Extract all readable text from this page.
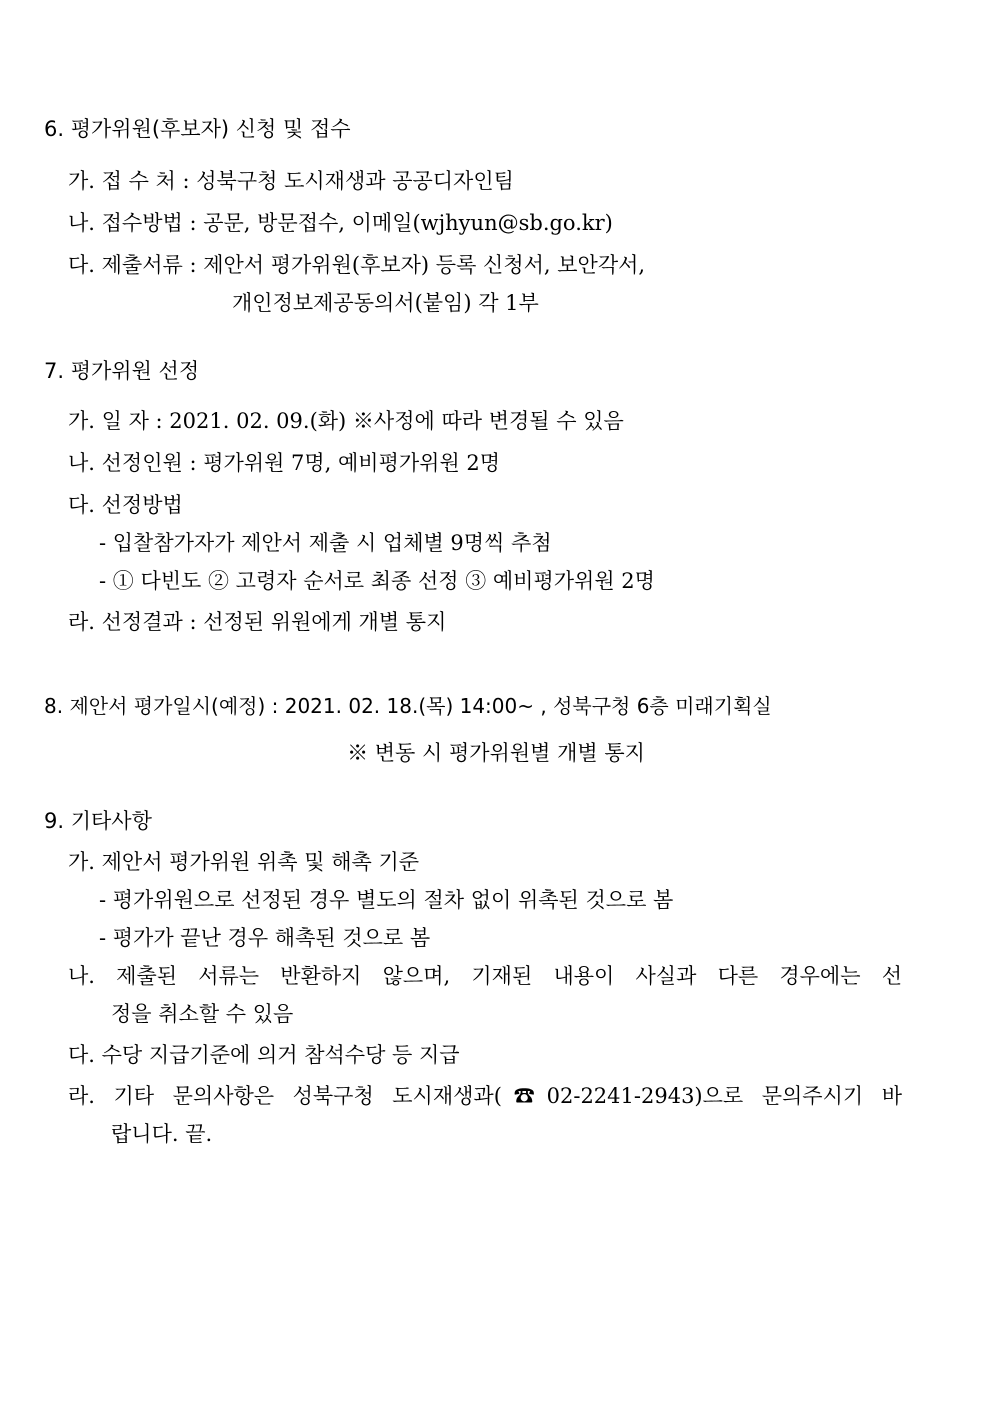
6. 평가위원(후보자) 신청 및 접수
가. 접 수 처 : 성북구청 도시재생과 공공디자인팀
나. 접수방법 : 공문, 방문접수, 이메일(wjhyun@sb.go.kr)
다. 제출서류 : 제안서 평가위원(후보자) 등록 신청서, 보안각서,
개인정보제공동의서(붙임) 각 1부
7. 평가위원 선정
가. 일 자 : 2021. 02. 09.(화) ※사정에 따라 변경될 수 있음
나. 선정인원 : 평가위원 7명, 예비평가위원 2명
다. 선정방법
- 입찰참가자가 제안서 제출 시 업체별 9명씩 추첨
- ① 다빈도 ② 고령자 순서로 최종 선정 ③ 예비평가위원 2명
라. 선정결과 : 선정된 위원에게 개별 통지
8. 제안서 평가일시(예정) : 2021. 02. 18.(목) 14:00~ , 성북구청 6층 미래기획실
※ 변동 시 평가위원별 개별 통지
9. 기타사항
가. 제안서 평가위원 위촉 및 해촉 기준
- 평가위원으로 선정된 경우 별도의 절차 없이 위촉된 것으로 봄
- 평가가 끝난 경우 해촉된 것으로 봄
나. 제출된 서류는 반환하지 않으며, 기재된 내용이 사실과 다른 경우에는 선
정을 취소할 수 있음
다. 수당 지급기준에 의거 참석수당 등 지급
라. 기타 문의사항은 성북구청 도시재생과(☎02-2241-2943)으로 문의주시기 바
랍니다. 끝.
